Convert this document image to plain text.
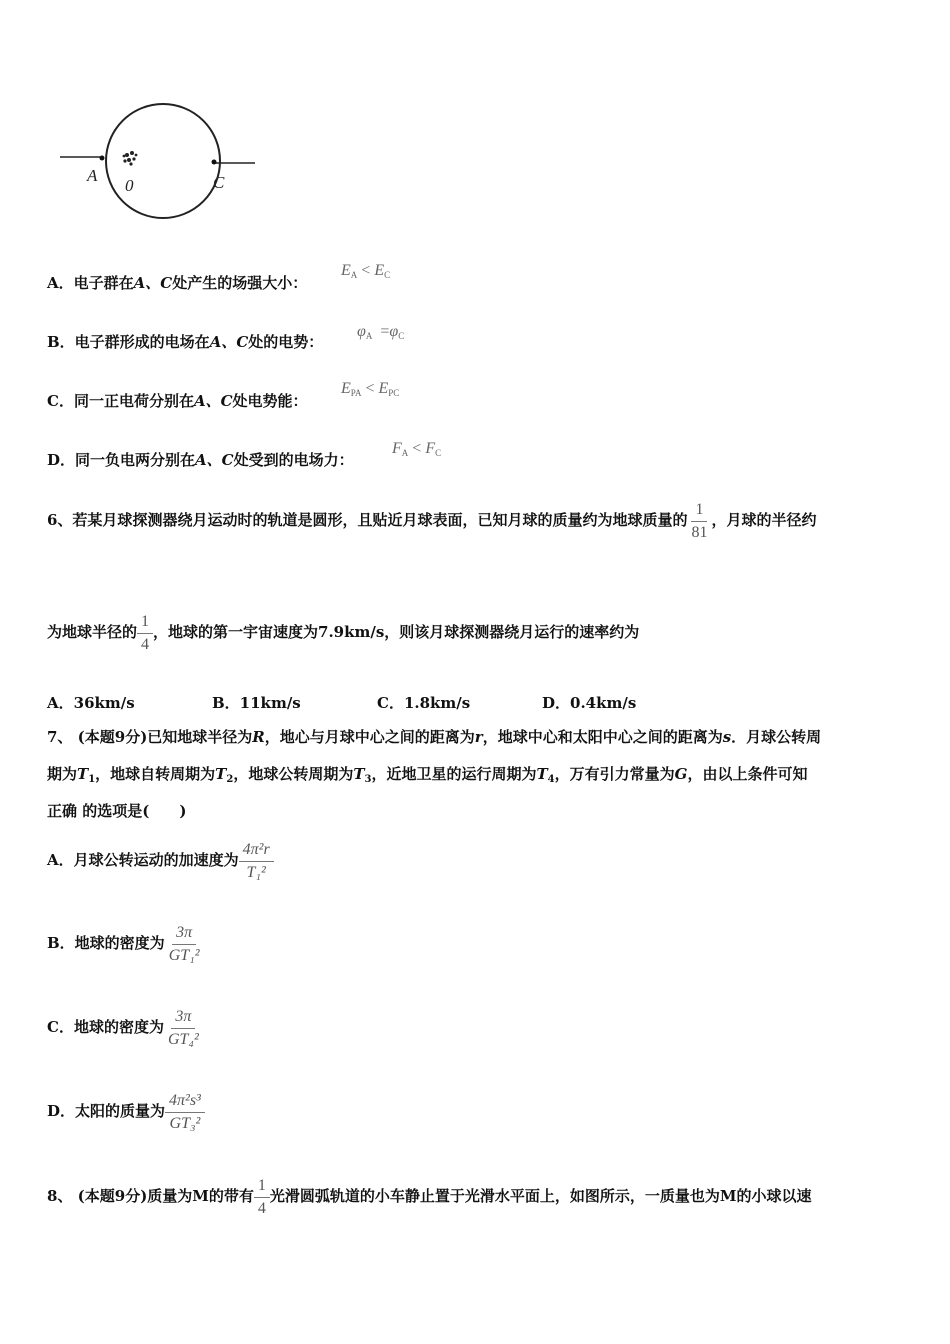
A
0	C
A．电子群在A、C处产生的场强大小：
$E_A < E_C$
B．电子群形成的电场在A、C处的电势：
$\varphi_A =\varphi_C$
C．同一正电荷分别在A、C处电势能：
$E_{PA} < E_{PC}$
D．同一负电两分别在A、C处受到的电场力：
$F_A < F_C$
6、若某月球探测器绕月运动时的轨道是圆形，且贴近月球表面，已知月球的质量约为地球质量的 $\frac{1}{81}$ ，月球的半径约
为地球半径的 $\frac{1}{4}$ ，地球的第一宇宙速度为7.9km/s，则该月球探测器绕月运行的速率约为
A．36km/s	B．11km/s	C．1.8km/s	D．0.4km/s
7、 (本题9分)已知地球半径为R，地心与月球中心之间的距离为r，地球中心和太阳中心之间的距离为s．月球公转周
期为$T_1$，地球自转周期为$T_2$，地球公转周期为$T_3$，近地卫星的运行周期为$T_4$，万有引力常量为G，由以上条件可知
正确 的选项是(　　)
A．月球公转运动的加速度为 $\frac{\text{4π²r}}{\text{T₁²}}$
B．地球的密度为 $\frac{3\pi}{\text{GT₁²}}$
C．地球的密度为 $\frac{3\pi}{\text{GT₄²}}$
D．太阳的质量为 $\frac{\text{4π²s³}}{\text{GT₃²}}$
8、 (本题9分)质量为M的带有 $\frac{1}{4}$ 光滑圆弧轨道的小车静止置于光滑水平面上，如图所示，一质量也为M的小球以速
